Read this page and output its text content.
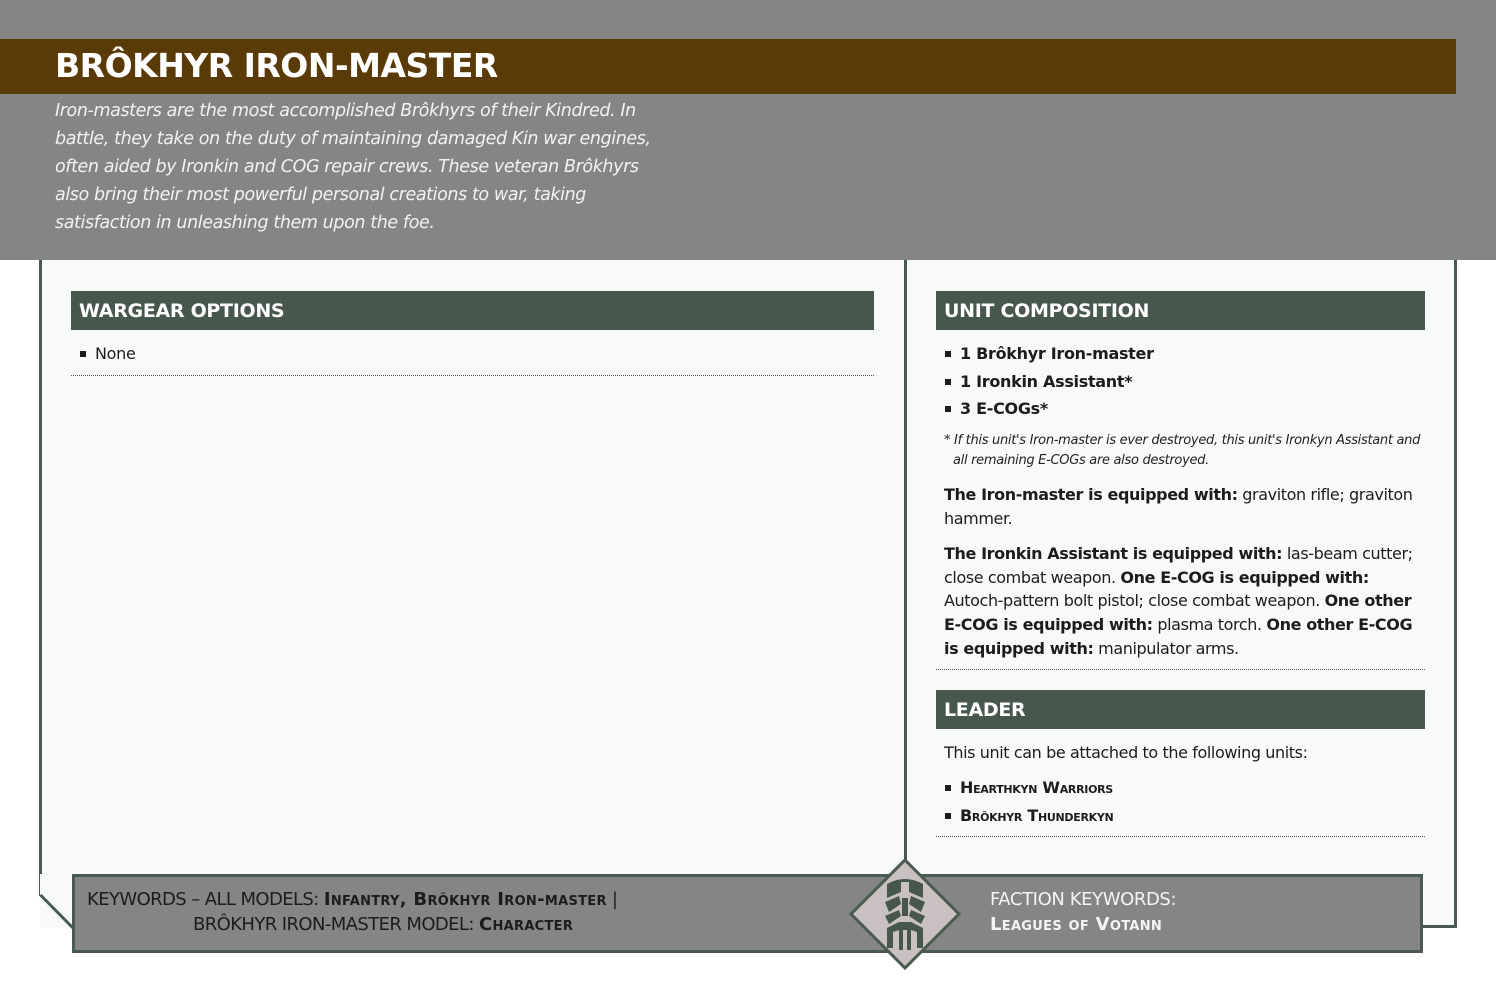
BRÔKHYR IRON-MASTER
Iron-masters are the most accomplished Brôkhyrs of their Kindred. In battle, they take on the duty of maintaining damaged Kin war engines, often aided by Ironkin and COG repair crews. These veteran Brôkhyrs also bring their most powerful personal creations to war, taking satisfaction in unleashing them upon the foe.
WARGEAR OPTIONS
None
UNIT COMPOSITION
1 Brôkhyr Iron-master
1 Ironkin Assistant*
3 E-COGs*
* If this unit's Iron-master is ever destroyed, this unit's Ironkyn Assistant and
all remaining E-COGs are also destroyed.
The Iron-master is equipped with: graviton rifle; graviton hammer.
The Ironkin Assistant is equipped with: las-beam cutter; close combat weapon. One E-COG is equipped with: Autoch-pattern bolt pistol; close combat weapon. One other E-COG is equipped with: plasma torch. One other E-COG is equipped with: manipulator arms.
LEADER
This unit can be attached to the following units:
Hearthkyn Warriors
Brôkhyr Thunderkyn
KEYWORDS – ALL MODELS: Infantry, Brôkhyr Iron-master |
BRÔKHYR IRON-MASTER MODEL: Character
FACTION KEYWORDS:
Leagues of Votann
